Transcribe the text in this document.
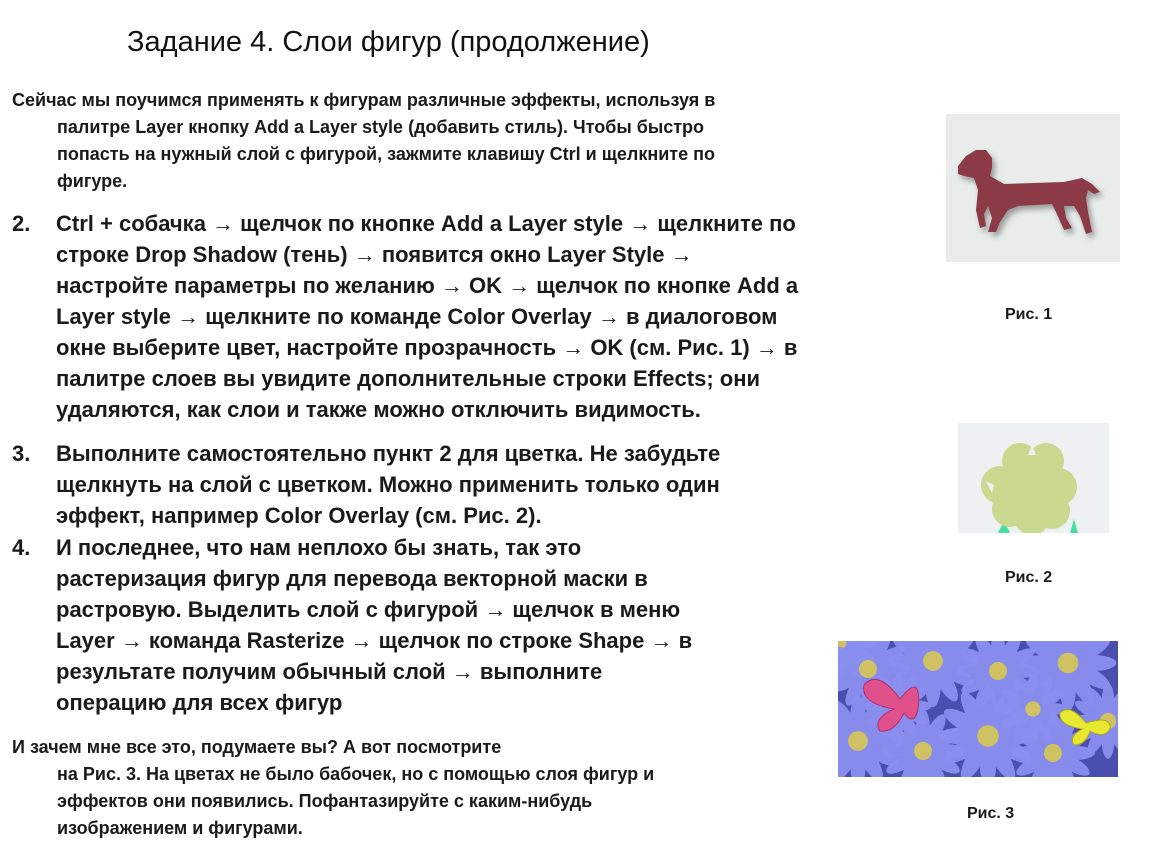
Задание 4. Слои фигур (продолжение)
Сейчас мы поучимся применять к фигурам различные эффекты, используя в
палитре Layer кнопку Add a Layer style (добавить стиль). Чтобы быстро
попасть на нужный слой с фигурой, зажмите клавишу Ctrl и щелкните по
фигуре.
2.	Ctrl + собачка → щелчок по кнопке Add a Layer style → щелкните по
строке Drop Shadow (тень) → появится окно Layer Style →
настройте параметры по желанию → OK → щелчок по кнопке Add a
Layer style → щелкните по команде Color Overlay → в диалоговом
окне выберите цвет, настройте прозрачность → OK (см. Рис. 1) → в
палитре слоев вы увидите дополнительные строки Effects; они
удаляются, как слои и также можно отключить видимость.
3.	Выполните самостоятельно пункт 2 для цветка. Не забудьте
щелкнуть на слой с цветком. Можно применить только один
эффект, например Color Overlay (см. Рис. 2).
4.	И последнее, что нам неплохо бы знать, так это
растеризация фигур для перевода векторной маски в
растровую. Выделить слой с фигурой → щелчок в меню
Layer → команда Rasterize → щелчок по строке Shape → в
результате получим обычный слой → выполните
операцию для всех фигур
И зачем мне все это, подумаете вы? А вот посмотрите
на Рис. 3. На цветах не было бабочек, но с помощью слоя фигур и
эффектов они появились. Пофантазируйте с каким-нибудь
изображением и фигурами.
Рис. 1
Рис. 2
Рис. 3
